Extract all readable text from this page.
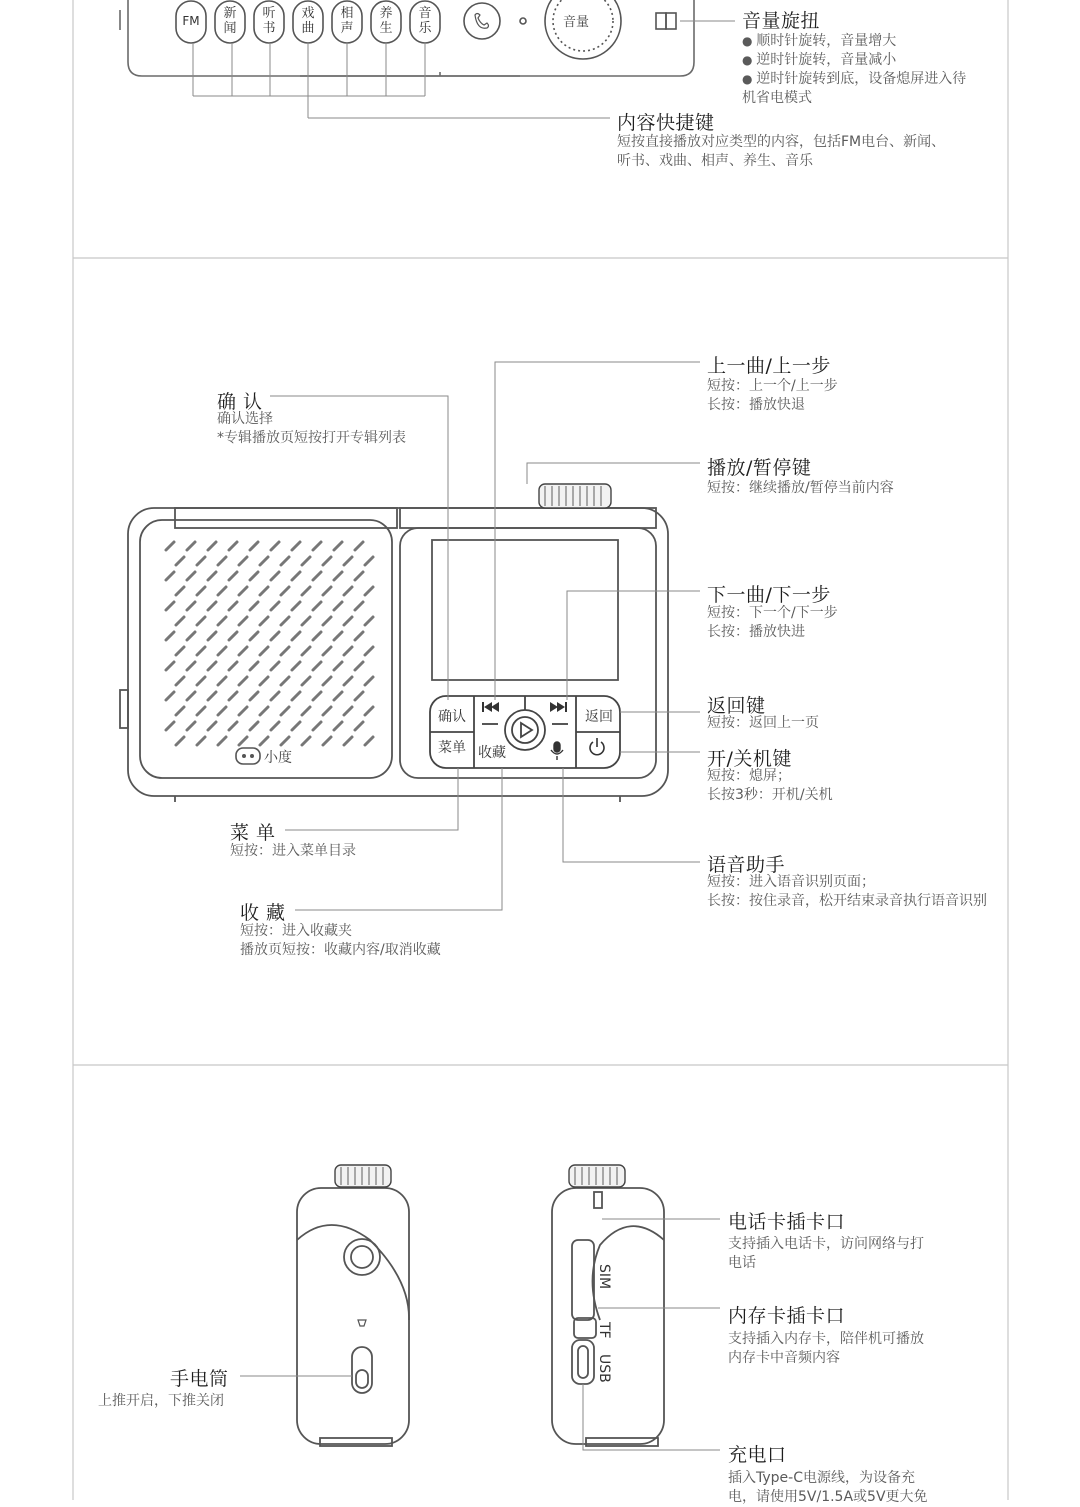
小度
确认	返回
菜单 收藏
SIM
TF
USB
FM	新
闻
听
书
戏
曲
相
声
养
生
音
乐	音量	音量旋扭
● 顺时针旋转，音量增大
● 逆时针旋转，音量减小
● 逆时针旋转到底，设备熄屏进入待
机省电模式
内容快捷键
短按直接播放对应类型的内容，包括FM电台、新闻、
听书、戏曲、相声、养生、音乐
确 认
确认选择
*专辑播放页短按打开专辑列表
上一曲/上一步
短按：上一个/上一步
长按：播放快退
播放/暂停键
短按：继续播放/暂停当前内容
下一曲/下一步
短按：下一个/下一步
长按：播放快进
返回键
短按：返回上一页
开/关机键
短按：熄屏；
长按3秒：开机/关机
菜 单
短按：进入菜单目录
语音助手
短按：进入语音识别页面；
长按：按住录音，松开结束录音执行语音识别
收 藏
短按：进入收藏夹
播放页短按：收藏内容/取消收藏
手电筒
上推开启，下推关闭
电话卡插卡口
支持插入电话卡，访问网络与打
电话
内存卡插卡口
支持插入内存卡，陪伴机可播放
内存卡中音频内容
充电口
插入Type-C电源线，为设备充
电，请使用5V/1.5A或5V更大免
